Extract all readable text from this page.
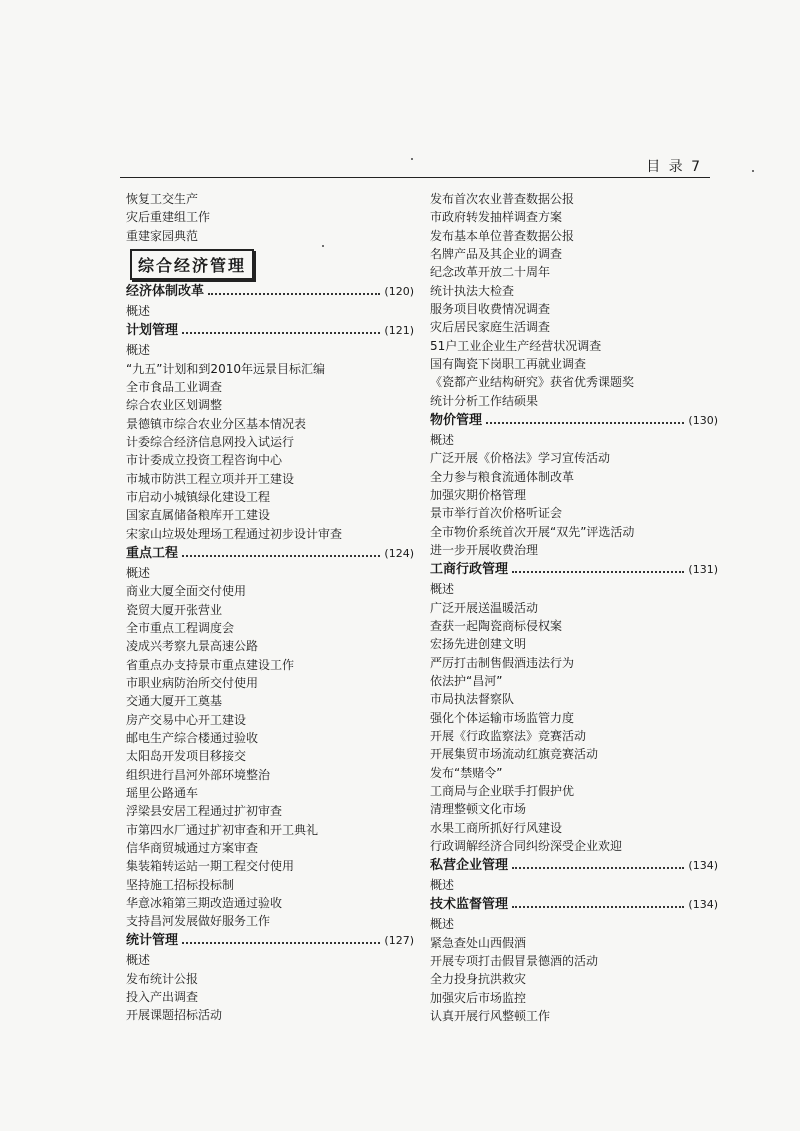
目 录 7
恢复工交生产
灾后重建组工作
重建家园典范
综合经济管理
经济体制改革	(120)
概述
计划管理	(121)
概述
“九五”计划和到2010年远景目标汇编
全市食品工业调查
综合农业区划调整
景德镇市综合农业分区基本情况表
计委综合经济信息网投入试运行
市计委成立投资工程咨询中心
市城市防洪工程立项并开工建设
市启动小城镇绿化建设工程
国家直属储备粮库开工建设
宋家山垃圾处理场工程通过初步设计审查
重点工程	(124)
概述
商业大厦全面交付使用
瓷贸大厦开张营业
全市重点工程调度会
凌成兴考察九景高速公路
省重点办支持景市重点建设工作
市职业病防治所交付使用
交通大厦开工奠基
房产交易中心开工建设
邮电生产综合楼通过验收
太阳岛开发项目移接交
组织进行昌河外部环境整治
瑶里公路通车
浮梁县安居工程通过扩初审查
市第四水厂通过扩初审查和开工典礼
信华商贸城通过方案审查
集装箱转运站一期工程交付使用
坚持施工招标投标制
华意冰箱第三期改造通过验收
支持昌河发展做好服务工作
统计管理	(127)
概述
发布统计公报
投入产出调查
开展课题招标活动
发布首次农业普查数据公报
市政府转发抽样调查方案
发布基本单位普查数据公报
名牌产品及其企业的调查
纪念改革开放二十周年
统计执法大检查
服务项目收费情况调查
灾后居民家庭生活调查
51户工业企业生产经营状况调查
国有陶瓷下岗职工再就业调查
《瓷都产业结构研究》获省优秀课题奖
统计分析工作结硕果
物价管理	(130)
概述
广泛开展《价格法》学习宣传活动
全力参与粮食流通体制改革
加强灾期价格管理
景市举行首次价格听证会
全市物价系统首次开展“双先”评选活动
进一步开展收费治理
工商行政管理	(131)
概述
广泛开展送温暖活动
查获一起陶瓷商标侵权案
宏扬先进创建文明
严厉打击制售假酒违法行为
依法护“昌河”
市局执法督察队
强化个体运输市场监管力度
开展《行政监察法》竞赛活动
开展集贸市场流动红旗竞赛活动
发布“禁赌令”
工商局与企业联手打假护优
清理整顿文化市场
水果工商所抓好行风建设
行政调解经济合同纠纷深受企业欢迎
私营企业管理	(134)
概述
技术监督管理	(134)
概述
紧急查处山西假酒
开展专项打击假冒景德酒的活动
全力投身抗洪救灾
加强灾后市场监控
认真开展行风整顿工作
